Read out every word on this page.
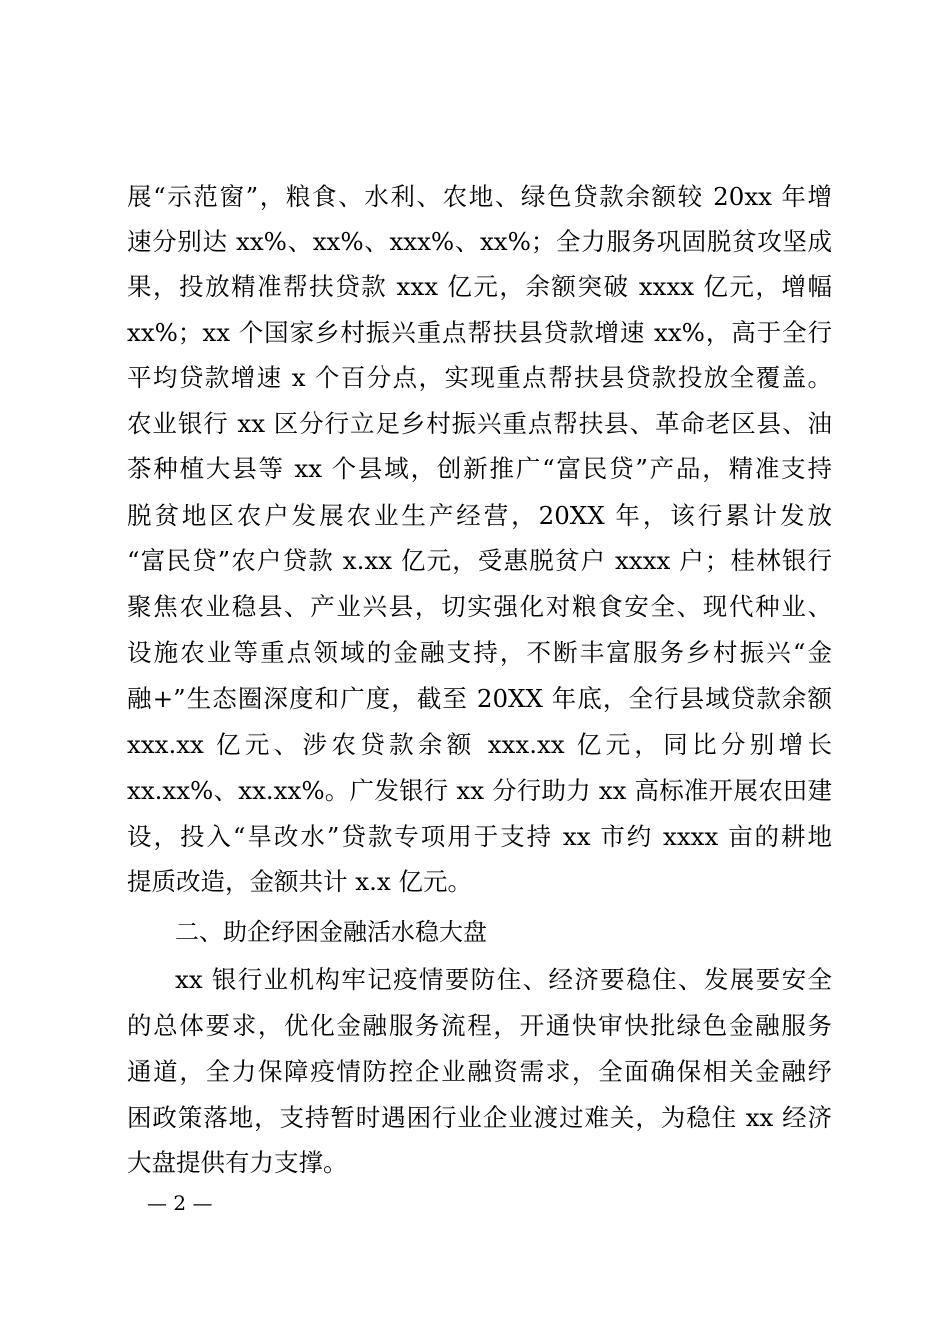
展“示范窗”，粮食、水利、农地、绿色贷款余额较 20xx 年增
速分别达 xx%、xx%、xxx%、xx%；全力服务巩固脱贫攻坚成
果，投放精准帮扶贷款 xxx 亿元，余额突破 xxxx 亿元，增幅
xx%；xx 个国家乡村振兴重点帮扶县贷款增速 xx%，高于全行
平均贷款增速 x 个百分点，实现重点帮扶县贷款投放全覆盖。
农业银行 xx 区分行立足乡村振兴重点帮扶县、革命老区县、油
茶种植大县等 xx 个县域，创新推广“富民贷”产品，精准支持
脱贫地区农户发展农业生产经营，20XX 年，该行累计发放
“富民贷”农户贷款 x.xx 亿元，受惠脱贫户 xxxx 户；桂林银行
聚焦农业稳县、产业兴县，切实强化对粮食安全、现代种业、
设施农业等重点领域的金融支持，不断丰富服务乡村振兴“金
融+”生态圈深度和广度，截至 20XX 年底，全行县域贷款余额
xxx.xx 亿元、涉农贷款余额 xxx.xx 亿元，同比分别增长
xx.xx%、xx.xx%。广发银行 xx 分行助力 xx 高标准开展农田建
设，投入“旱改水”贷款专项用于支持 xx 市约 xxxx 亩的耕地
提质改造，金额共计 x.x 亿元。
二、助企纾困金融活水稳大盘
xx 银行业机构牢记疫情要防住、经济要稳住、发展要安全
的总体要求，优化金融服务流程，开通快审快批绿色金融服务
通道，全力保障疫情防控企业融资需求，全面确保相关金融纾
困政策落地，支持暂时遇困行业企业渡过难关，为稳住 xx 经济
大盘提供有力支撑。
— 2 —
